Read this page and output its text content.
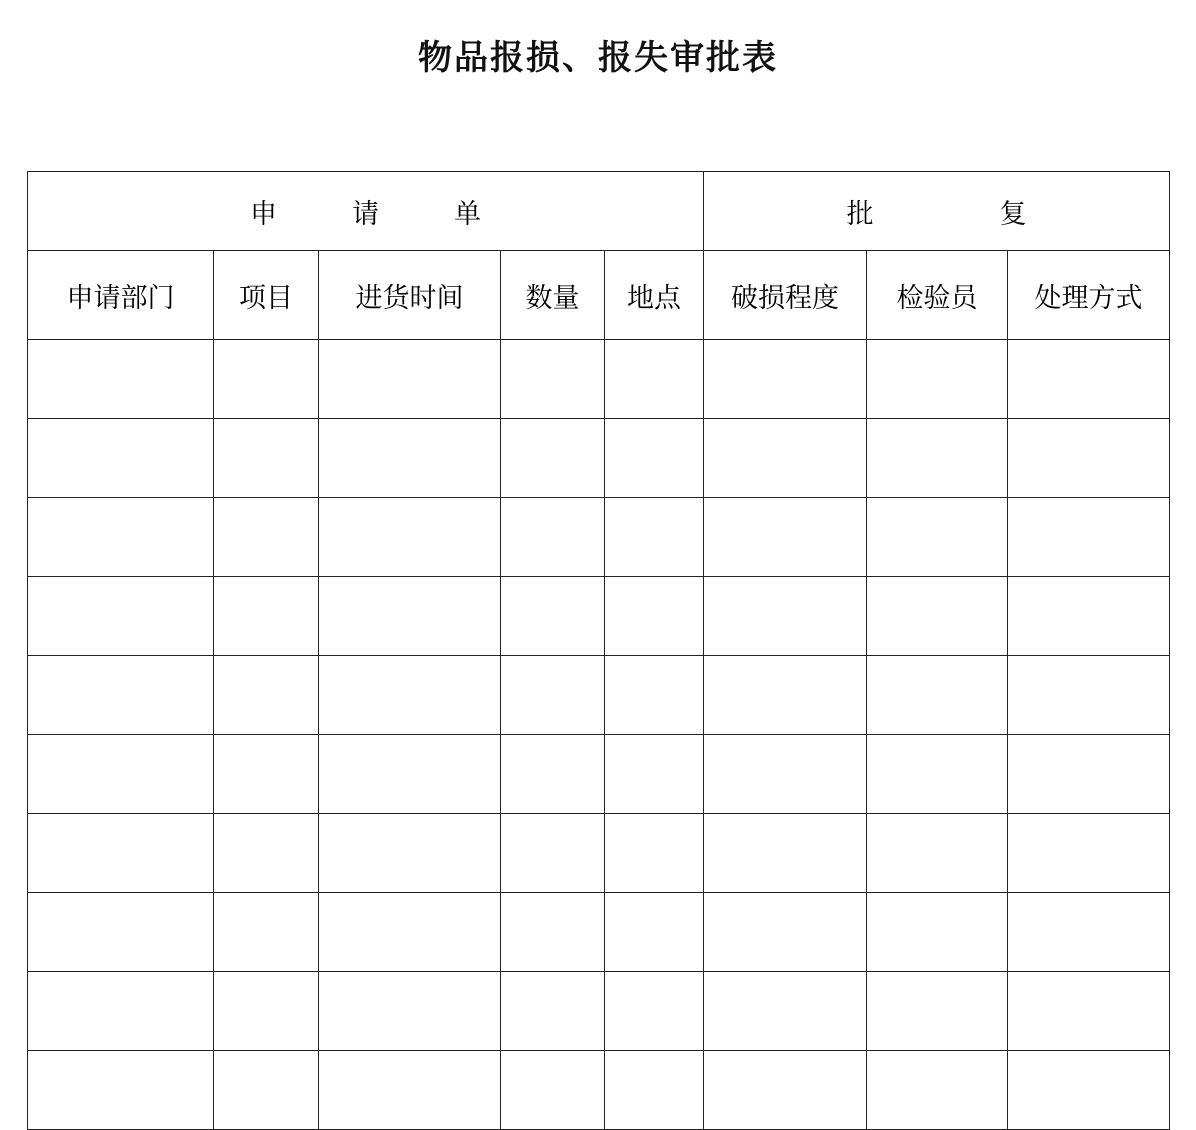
物品报损、报失审批表
申　请　单					批　　复		
申请部门	项目	进货时间	数量	地点	破损程度	检验员	处理方式
